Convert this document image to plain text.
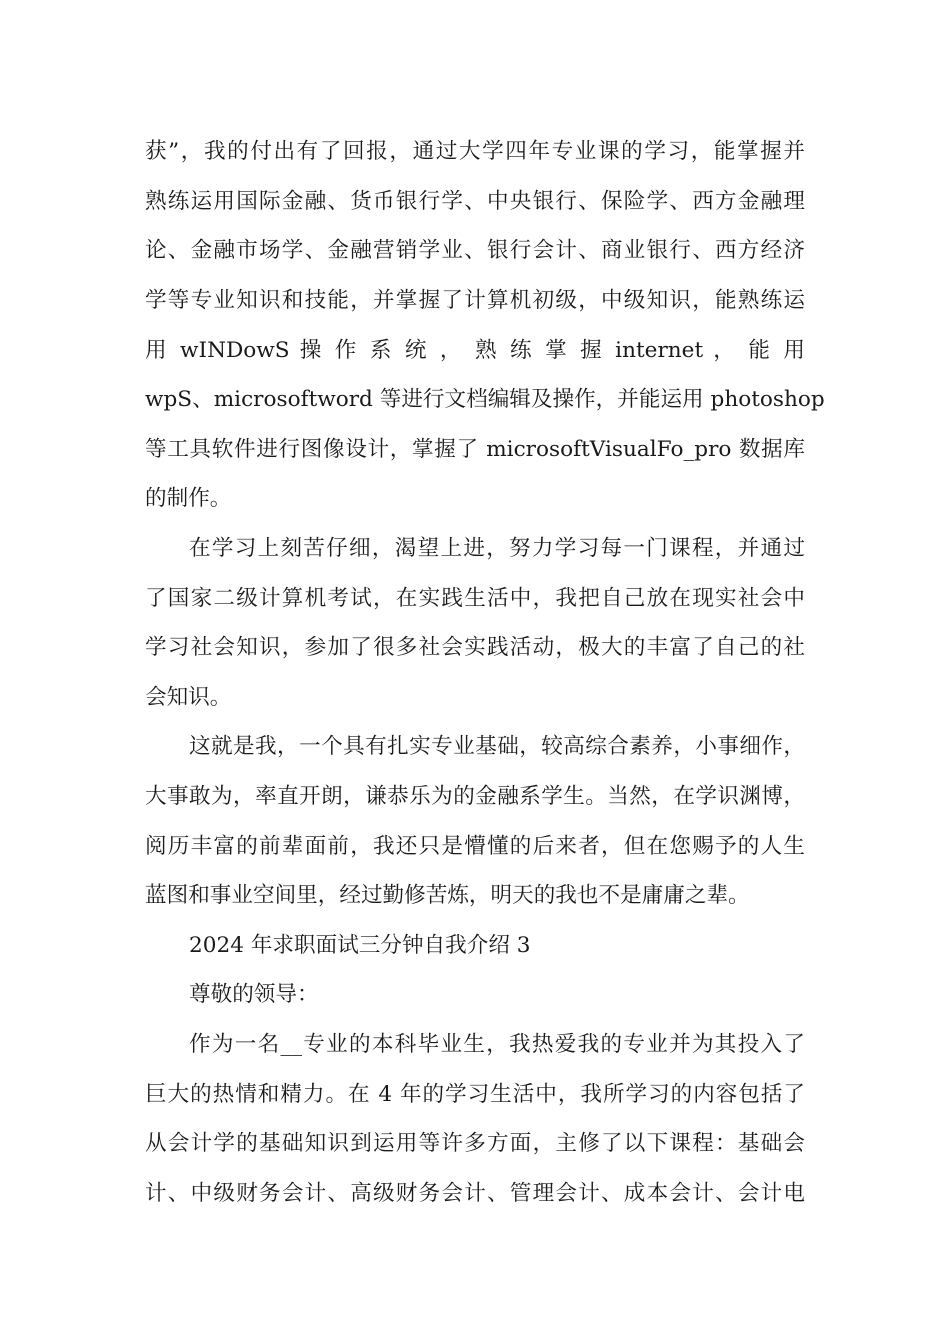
获”，我的付出有了回报，通过大学四年专业课的学习，能掌握并
熟练运用国际金融、货币银行学、中央银行、保险学、西方金融理
论、金融市场学、金融营销学业、银行会计、商业银行、西方经济
学等专业知识和技能，并掌握了计算机初级，中级知识，能熟练运
用 wINDowS 操 作 系 统 ， 熟 练 掌 握 internet ， 能 用
wpS、microsoftword 等进行文档编辑及操作，并能运用 photoshop
等工具软件进行图像设计，掌握了 microsoftVisualFo_pro 数据库
的制作。
在学习上刻苦仔细，渴望上进，努力学习每一门课程，并通过
了国家二级计算机考试，在实践生活中，我把自己放在现实社会中
学习社会知识，参加了很多社会实践活动，极大的丰富了自己的社
会知识。
这就是我，一个具有扎实专业基础，较高综合素养，小事细作，
大事敢为，率直开朗，谦恭乐为的金融系学生。当然，在学识渊博，
阅历丰富的前辈面前，我还只是懵懂的后来者，但在您赐予的人生
蓝图和事业空间里，经过勤修苦炼，明天的我也不是庸庸之辈。
2024 年求职面试三分钟自我介绍 3
尊敬的领导：
作为一名__专业的本科毕业生，我热爱我的专业并为其投入了
巨大的热情和精力。在 4 年的学习生活中，我所学习的内容包括了
从会计学的基础知识到运用等许多方面，主修了以下课程：基础会
计、中级财务会计、高级财务会计、管理会计、成本会计、会计电
